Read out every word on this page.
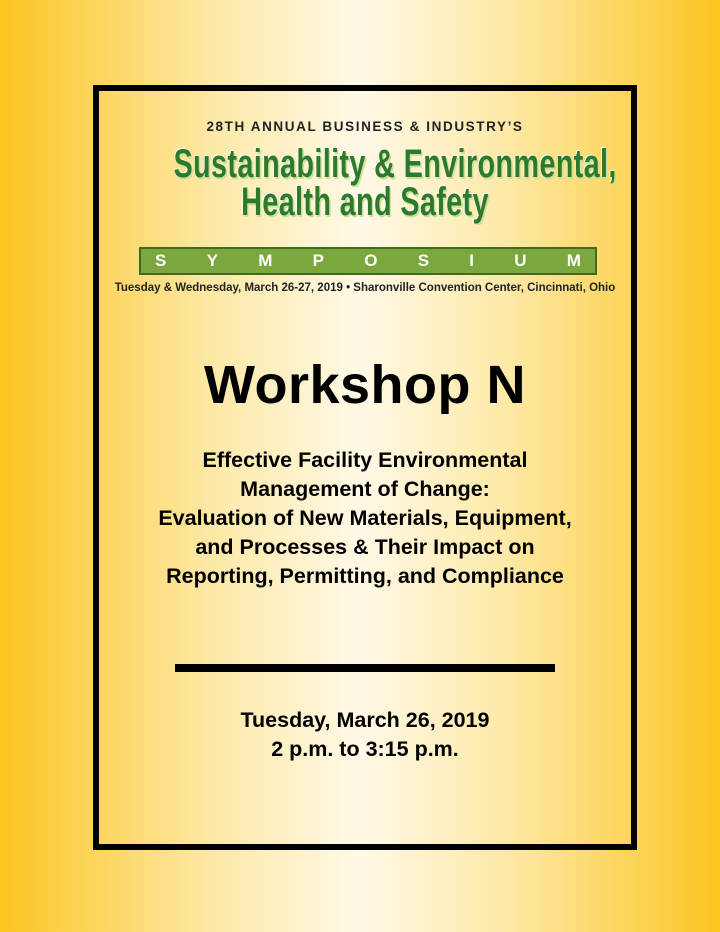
28TH ANNUAL BUSINESS & INDUSTRY’S
Sustainability & Environmental,
Health and Safety
S Y M P O S I U M
Tuesday & Wednesday, March 26-27, 2019 • Sharonville Convention Center, Cincinnati, Ohio
Workshop N
Effective Facility Environmental
Management of Change:
Evaluation of New Materials, Equipment,
and Processes & Their Impact on
Reporting, Permitting, and Compliance
Tuesday, March 26, 2019
2 p.m. to 3:15 p.m.
